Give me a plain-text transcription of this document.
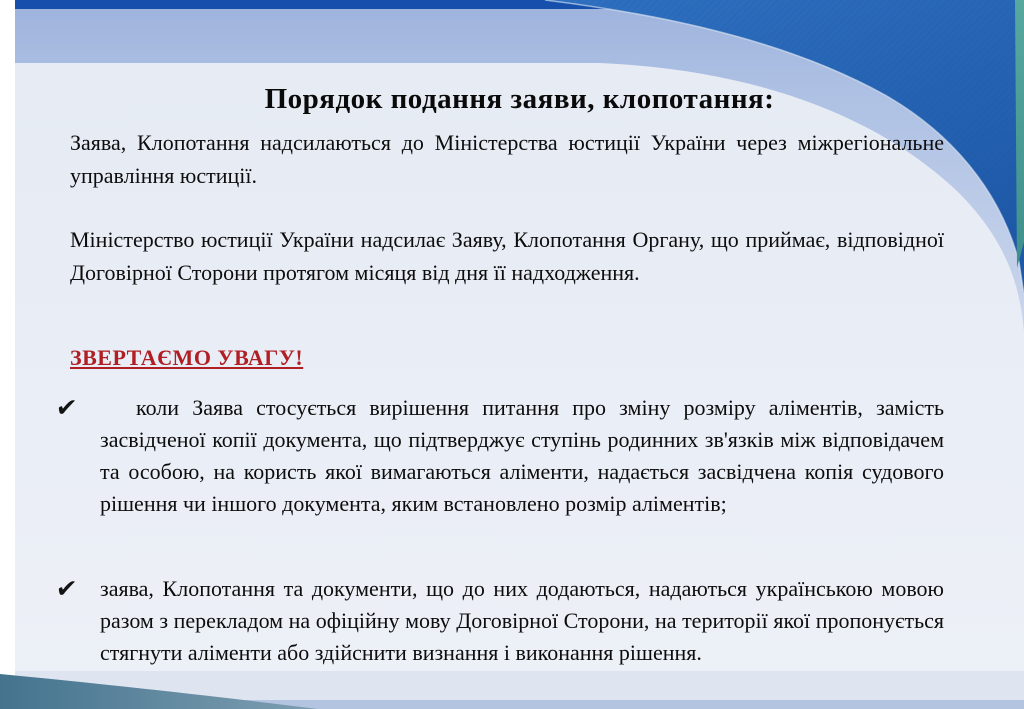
Порядок подання заяви, клопотання:

Заява, Клопотання надсилаються до Міністерства юстиції України через міжрегіональне управління юстиції.

Міністерство юстиції України надсилає Заяву, Клопотання Органу, що приймає, відповідної Договірної Сторони протягом місяця від дня її надходження.

ЗВЕРТАЄМО УВАГУ!
✔	коли Заява стосується вирішення питання про зміну розміру аліментів, замість засвідченої копії документа, що підтверджує ступінь родинних зв'язків між відповідачем та особою, на користь якої вимагаються аліменти, надається засвідчена копія судового рішення чи іншого документа, яким встановлено розмір аліментів;
✔ заява, Клопотання та документи, що до них додаються, надаються українською мовою разом з перекладом на офіційну мову Договірної Сторони, на території якої пропонується стягнути аліменти або здійснити визнання і виконання рішення.
